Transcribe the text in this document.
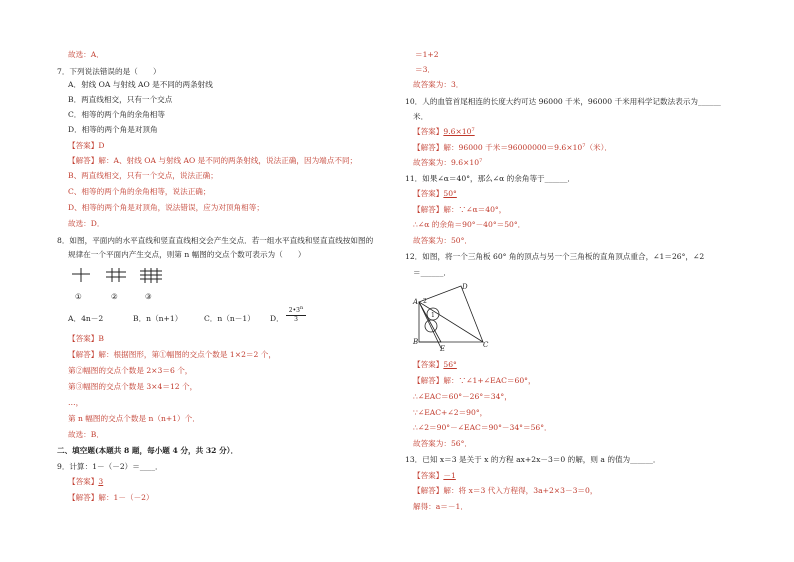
故选：A．
7．下列说法错误的是（　　）
A．射线 OA 与射线 AO 是不同的两条射线
B．两直线相交，只有一个交点
C．相等的两个角的余角相等
D．相等的两个角是对顶角
【答案】D
【解答】解：A、射线 OA 与射线 AO 是不同的两条射线，说法正确，因为端点不同；
B、两直线相交，只有一个交点，说法正确；
C、相等的两个角的余角相等，说法正确；
D、相等的两个角是对顶角，说法错误，应为对顶角相等；
故选：D．
8．如图，平面内的水平直线和竖直直线相交会产生交点．若一组水平直线和竖直直线按如图的
规律在一个平面内产生交点，则第 n 幅图的交点个数可表示为（　　）
①	②	③
A．4n－2	B．n（n+1）	C．n（n－1） D． $\frac{2•3^n}{3}$
【答案】B
【解答】解：根据图形，第①幅图的交点个数是 1×2＝2 个，
第②幅图的交点个数是 2×3＝6 个，
第③幅图的交点个数是 3×4＝12 个，
…，
第 n 幅图的交点个数是 n（n+1）个．
故选：B．
二、填空题(本题共 8 题，每小题 4 分，共 32 分）．
9．计算：1－（－2）＝____．
【答案】3
【解答】解：1－（－2）
＝1+2
＝3．
故答案为：3．
10．人的血管首尾相连的长度大约可达 96000 千米，96000 千米用科学记数法表示为______
米．
【答案】$9.6\times 10^7$
【解答】解：96000 千米$=96000000=9.6\times 10^7$（米）．
故答案为：$9.6\times 10^7$
11．如果∠α＝40°，那么∠α 的余角等于______．
【答案】50°
【解答】解：∵∠α＝40°，
∴∠α 的余角＝90°－40°＝50°．
故答案为：50°．
12．如图，将一个三角板 60° 角的顶点与另一个三角板的直角顶点重合，∠1＝26°，∠2
＝______．
A
D
B
E	C
2
1
【答案】56°
【解答】解：∵∠1+∠EAC＝60°，
∴∠EAC＝60°－26°＝34°，
∵∠EAC+∠2＝90°，
∴∠2＝90°－∠EAC＝90°－34°＝56°．
故答案为：56°．
13．已知 x＝3 是关于 x 的方程 ax+2x－3＝0 的解，则 a 的值为______．
【答案】－1
【解答】解：将 x＝3 代入方程得，3a+2×3－3＝0，
解得：a＝－1．
